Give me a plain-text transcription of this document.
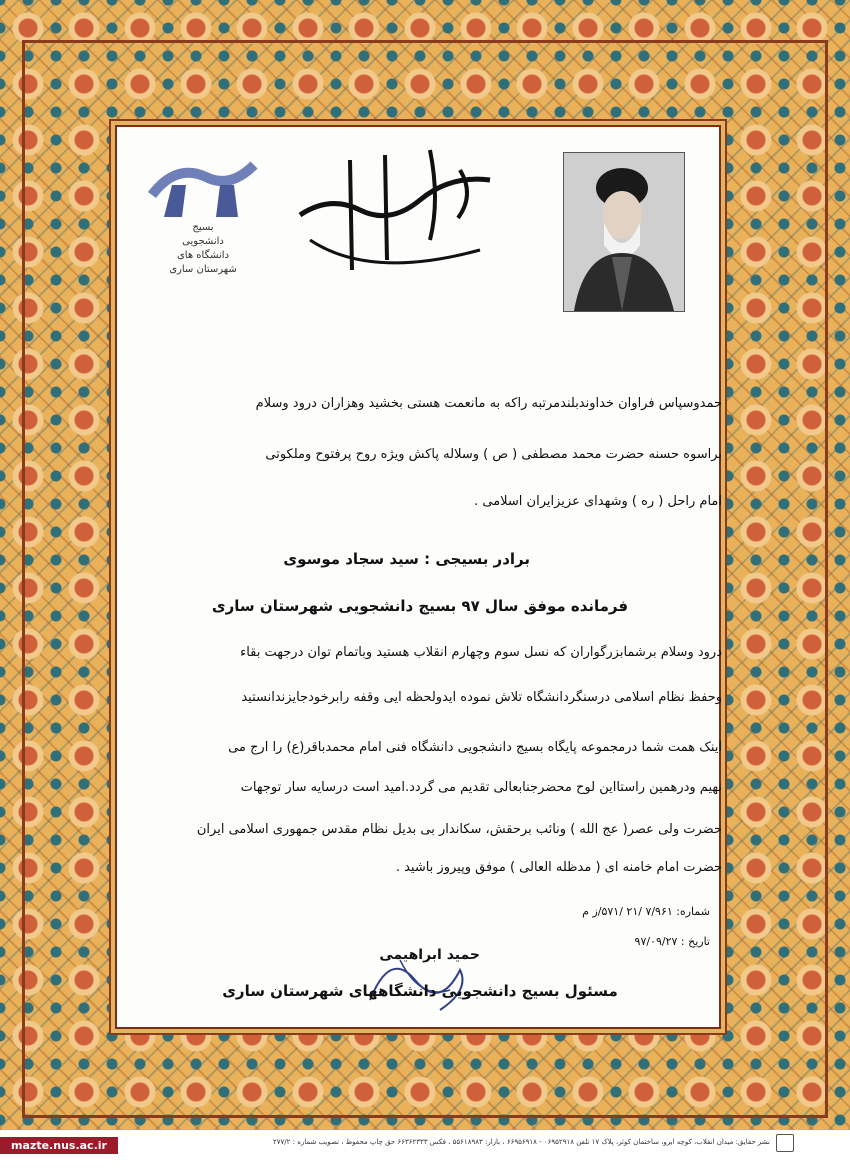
بسیج
دانشجویی
دانشگاه های
شهرستان ساری
حمدوسپاس فراوان خداوندبلندمرتبه راکه به مانعمت هستی بخشید وهزاران درود وسلام
براسوه حسنه حضرت محمد مصطفی ( ص ) وسلاله پاکش ویژه روح پرفتوح وملکوتی
امام راحل ( ره ) وشهدای عزیزایران اسلامی .
برادر بسیجی : سید سجاد موسوی
فرمانده موفق سال ۹۷ بسیج دانشجویی شهرستان ساری
درود وسلام برشمابزرگواران که نسل سوم وچهارم انقلاب هستید وباتمام توان درجهت بقاء
وحفظ نظام اسلامی درسنگردانشگاه تلاش نموده ایدولحظه ایی وقفه رابرخودجایزندانستید
اینک همت شما درمجموعه پایگاه بسیج دانشجویی دانشگاه فنی امام محمدباقر(ع) را ارج می
نهیم ودرهمین راستااین لوح محضرجنابعالی تقدیم می گردد.امید است درسایه سار توجهات
حضرت ولی عصر( عج الله ) ونائب برحقش، سکاندار بی بدیل نظام مقدس جمهوری اسلامی ایران
حضرت امام خامنه ای ( مدظله العالی ) موفق وپیروز باشید .
شماره: ۷/۹۶۱ /۲۱ /۵۷۱/ز م
تاریخ : ۹۷/۰۹/۲۷
حمید ابراهیمی
مسئول بسیج دانشجویی دانشگاههای شهرستان ساری
mazte.nus.ac.ir	نشر حقایق: میدان انقلاب، کوچه ابرو، ساختمان کوثر، پلاک ۱۷ تلفن ۰۶۹۵۲۹۱۸ - ۶۶۹۵۶۹۱۸ ، بازار: ۵۵۶۱۸۹۸۳ ، فکس ۶۶۳۶۲۳۳۳ حق چاپ محفوظ ، تصویب شماره : ۲۷۷/۲
